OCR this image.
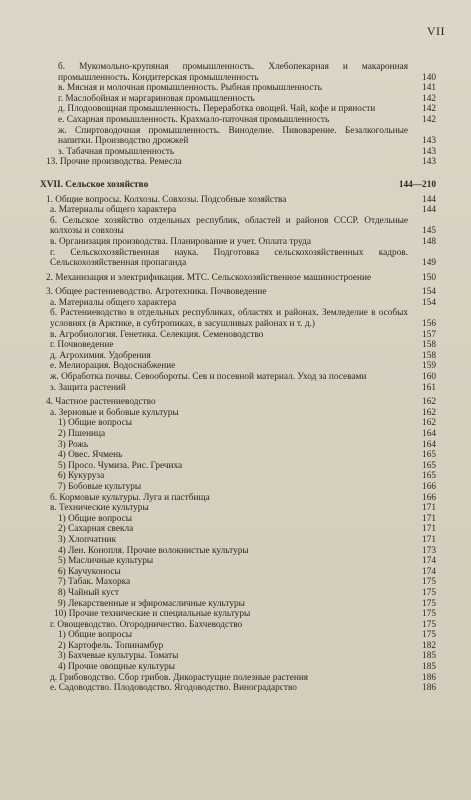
VII
б. Мукомольно-крупяная промышленность. Хлебопекарная и макаронная промышленность. Кондитерская промышленность	140
в. Мясная и молочная промышленность. Рыбная промышленность	141
г. Маслобойная и маргариновая промышленность	142
д. Плодоовощная промышленность. Переработка овощей. Чай, кофе и пряности	142
е. Сахарная промышленность. Крахмало-паточная промышленность	142
ж. Спиртоводочная промышленность. Виноделие. Пивоварение. Безалкогольные напитки. Производство дрожжей	143
з. Табачная промышленность	143
13. Прочие производства. Ремесла	143
XVII. Сельское хозяйство	144—210
1. Общие вопросы. Колхозы. Совхозы. Подсобные хозяйства	144
а. Материалы общего характера	144
б. Сельское хозяйство отдельных республик, областей и районов СССР. Отдельные колхозы и совхозы	145
в. Организация производства. Планирование и учет. Оплата труда	148
г. Сельскохозяйственная наука. Подготовка сельскохозяйственных кадров. Сельскохозяйственная пропаганда	149
2. Механизация и электрификация. МТС. Сельскохозяйственное машиностроение	150
3. Общее растениеводство. Агротехника. Почвоведение	154
а. Материалы общего характера	154
б. Растениеводство в отдельных республиках, областях и районах. Земледелие в особых условиях (в Арктике, в субтропиках, в засушливых районах и т. д.)	156
в. Агробиология. Генетика. Селекция. Семеноводство	157
г. Почвоведение	158
д. Агрохимия. Удобрения	158
е. Мелиорация. Водоснабжение	159
ж. Обработка почвы. Севообороты. Сев и посевной материал. Уход за посевами	160
з. Защита растений	161
4. Частное растениеводство	162
а. Зерновые и бобовые культуры	162
1) Общие вопросы	162
2) Пшеница	164
3) Рожь	164
4) Овес. Ячмень	165
5) Просо. Чумиза. Рис. Гречиха	165
6) Кукуруза	165
7) Бобовые культуры	166
б. Кормовые культуры. Луга и пастбища	166
в. Технические культуры	171
1) Общие вопросы	171
2) Сахарная свекла	171
3) Хлопчатник	171
4) Лен. Конопля. Прочие волокнистые культуры	173
5) Масличные культуры	174
6) Каучуконосы	174
7) Табак. Махорка	175
8) Чайный куст	175
9) Лекарственные и эфиромасличные культуры	175
10) Прочие технические и специальные культуры	175
г. Овощеводство. Огородничество. Бахчеводство	175
1) Общие вопросы	175
2) Картофель. Топинамбур	182
3) Бахчевые культуры. Томаты	185
4) Прочие овощные культуры	185
д. Грибоводство. Сбор грибов. Дикорастущие полезные растения	186
е. Садоводство. Плодоводство. Ягодоводство. Виноградарство	186
